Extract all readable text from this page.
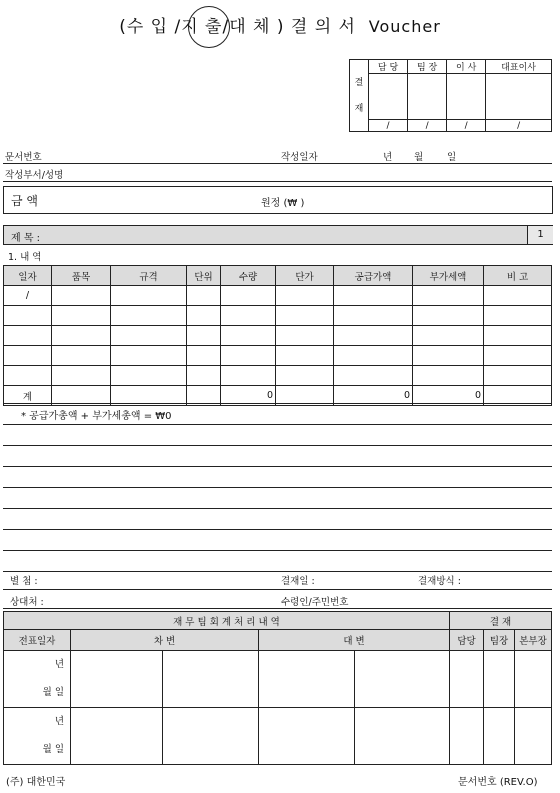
(수 입 /지 출/대 체 ) 결 의 서 Voucher
결
재	담 당	팀 장	이 사	대표이사

	/	/	/	/
문서번호	작성일자	년 월	일
작성부서/성명
금 액	원정 (₩ )
제 목 :	1
1. 내 역
일자	품목	규격	단위	수량	단가	공급가액	부가세액	비 고
/								

계				0		0	0	
* 공급가총액 + 부가세총액 = ₩0

별 첨 :	결재일 :	결재방식 :
상대처 :	수령인/주민번호
재 무 팀 회 계 처 리 내 역					결 재		
전표일자	차 변		대 변		담당	팀장	본부장
년
월 일							
년
월 일							
(주) 대한민국	문서번호 (REV.O)
